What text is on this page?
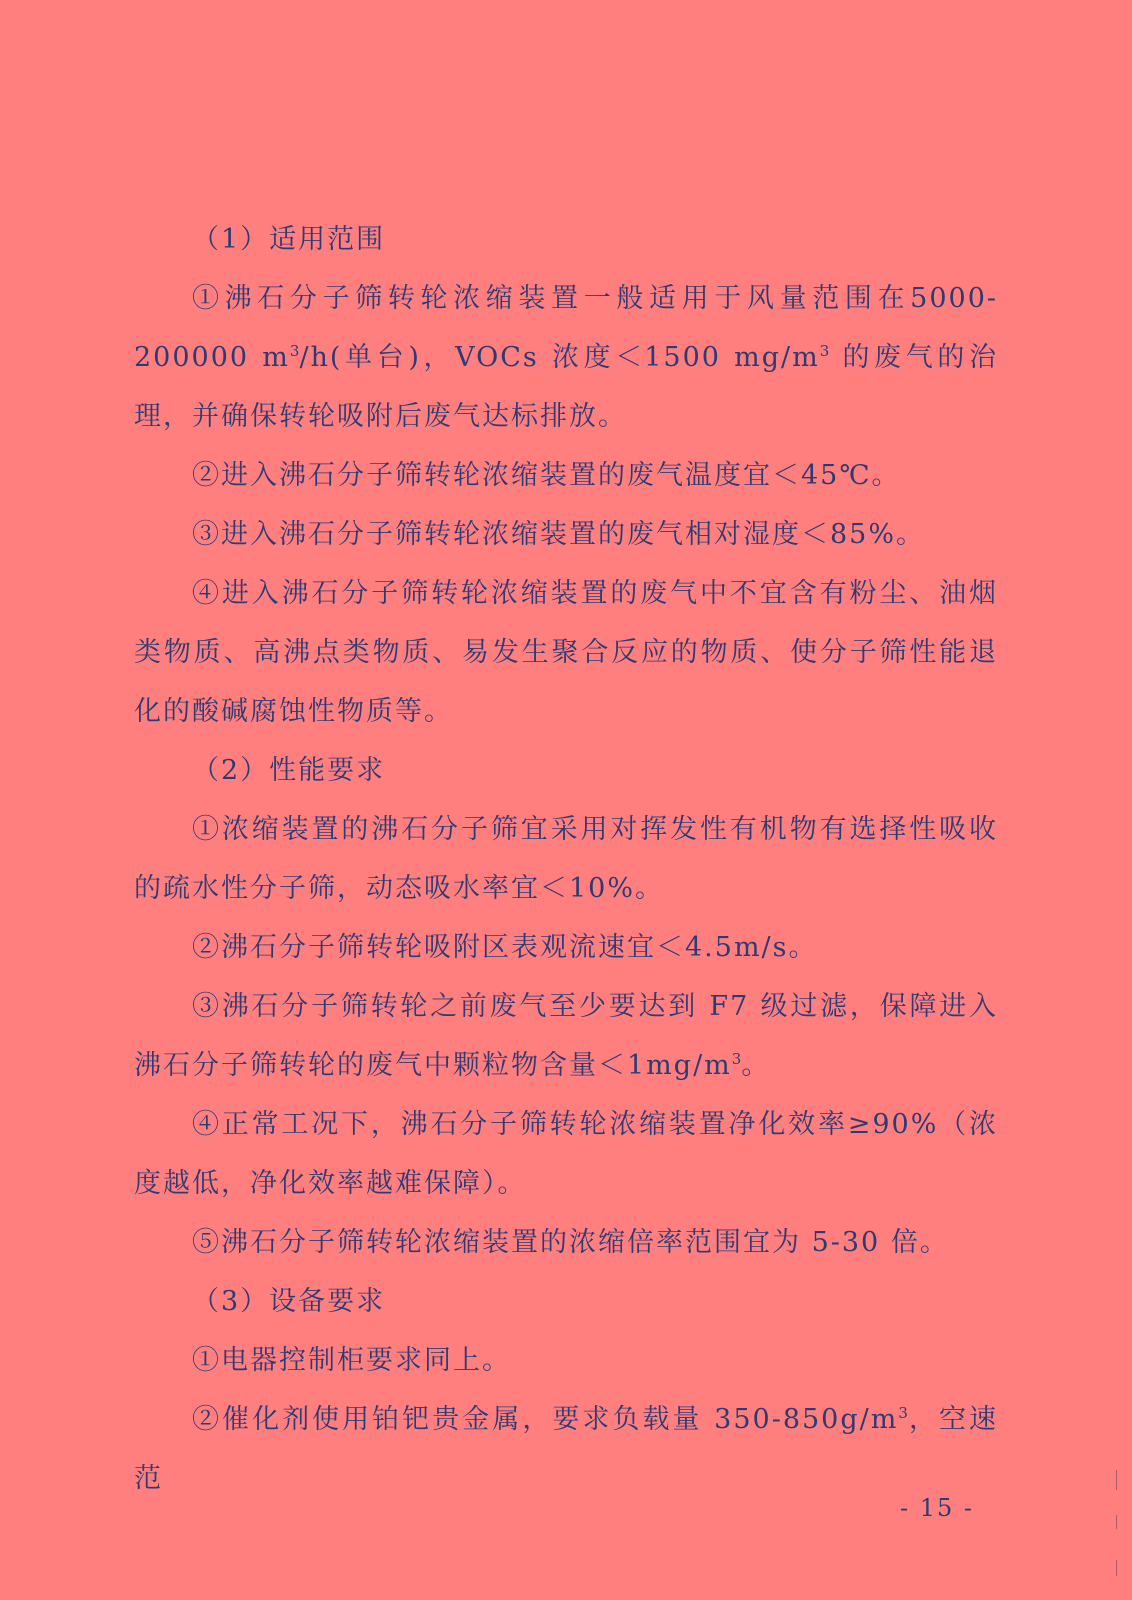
（1）适用范围

①沸石分子筛转轮浓缩装置一般适用于风量范围在5000-200000 $m^3/h$(单台)，VOCs 浓度＜1500 $mg/m^3$ 的废气的治理，并确保转轮吸附后废气达标排放。

②进入沸石分子筛转轮浓缩装置的废气温度宜＜45℃。

③进入沸石分子筛转轮浓缩装置的废气相对湿度＜85%。

④进入沸石分子筛转轮浓缩装置的废气中不宜含有粉尘、油烟类物质、高沸点类物质、易发生聚合反应的物质、使分子筛性能退化的酸碱腐蚀性物质等。

（2）性能要求

①浓缩装置的沸石分子筛宜采用对挥发性有机物有选择性吸收的疏水性分子筛，动态吸水率宜＜10%。

②沸石分子筛转轮吸附区表观流速宜＜4.5m/s。

③沸石分子筛转轮之前废气至少要达到 F7 级过滤，保障进入沸石分子筛转轮的废气中颗粒物含量$<1mg/m^3$。

④正常工况下，沸石分子筛转轮浓缩装置净化效率≥90%（浓度越低，净化效率越难保障）。

⑤沸石分子筛转轮浓缩装置的浓缩倍率范围宜为 5-30 倍。

（3）设备要求

①电器控制柜要求同上。

②催化剂使用铂钯贵金属，要求负载量 $350-850g/m^3$，空速范

- 15 -
